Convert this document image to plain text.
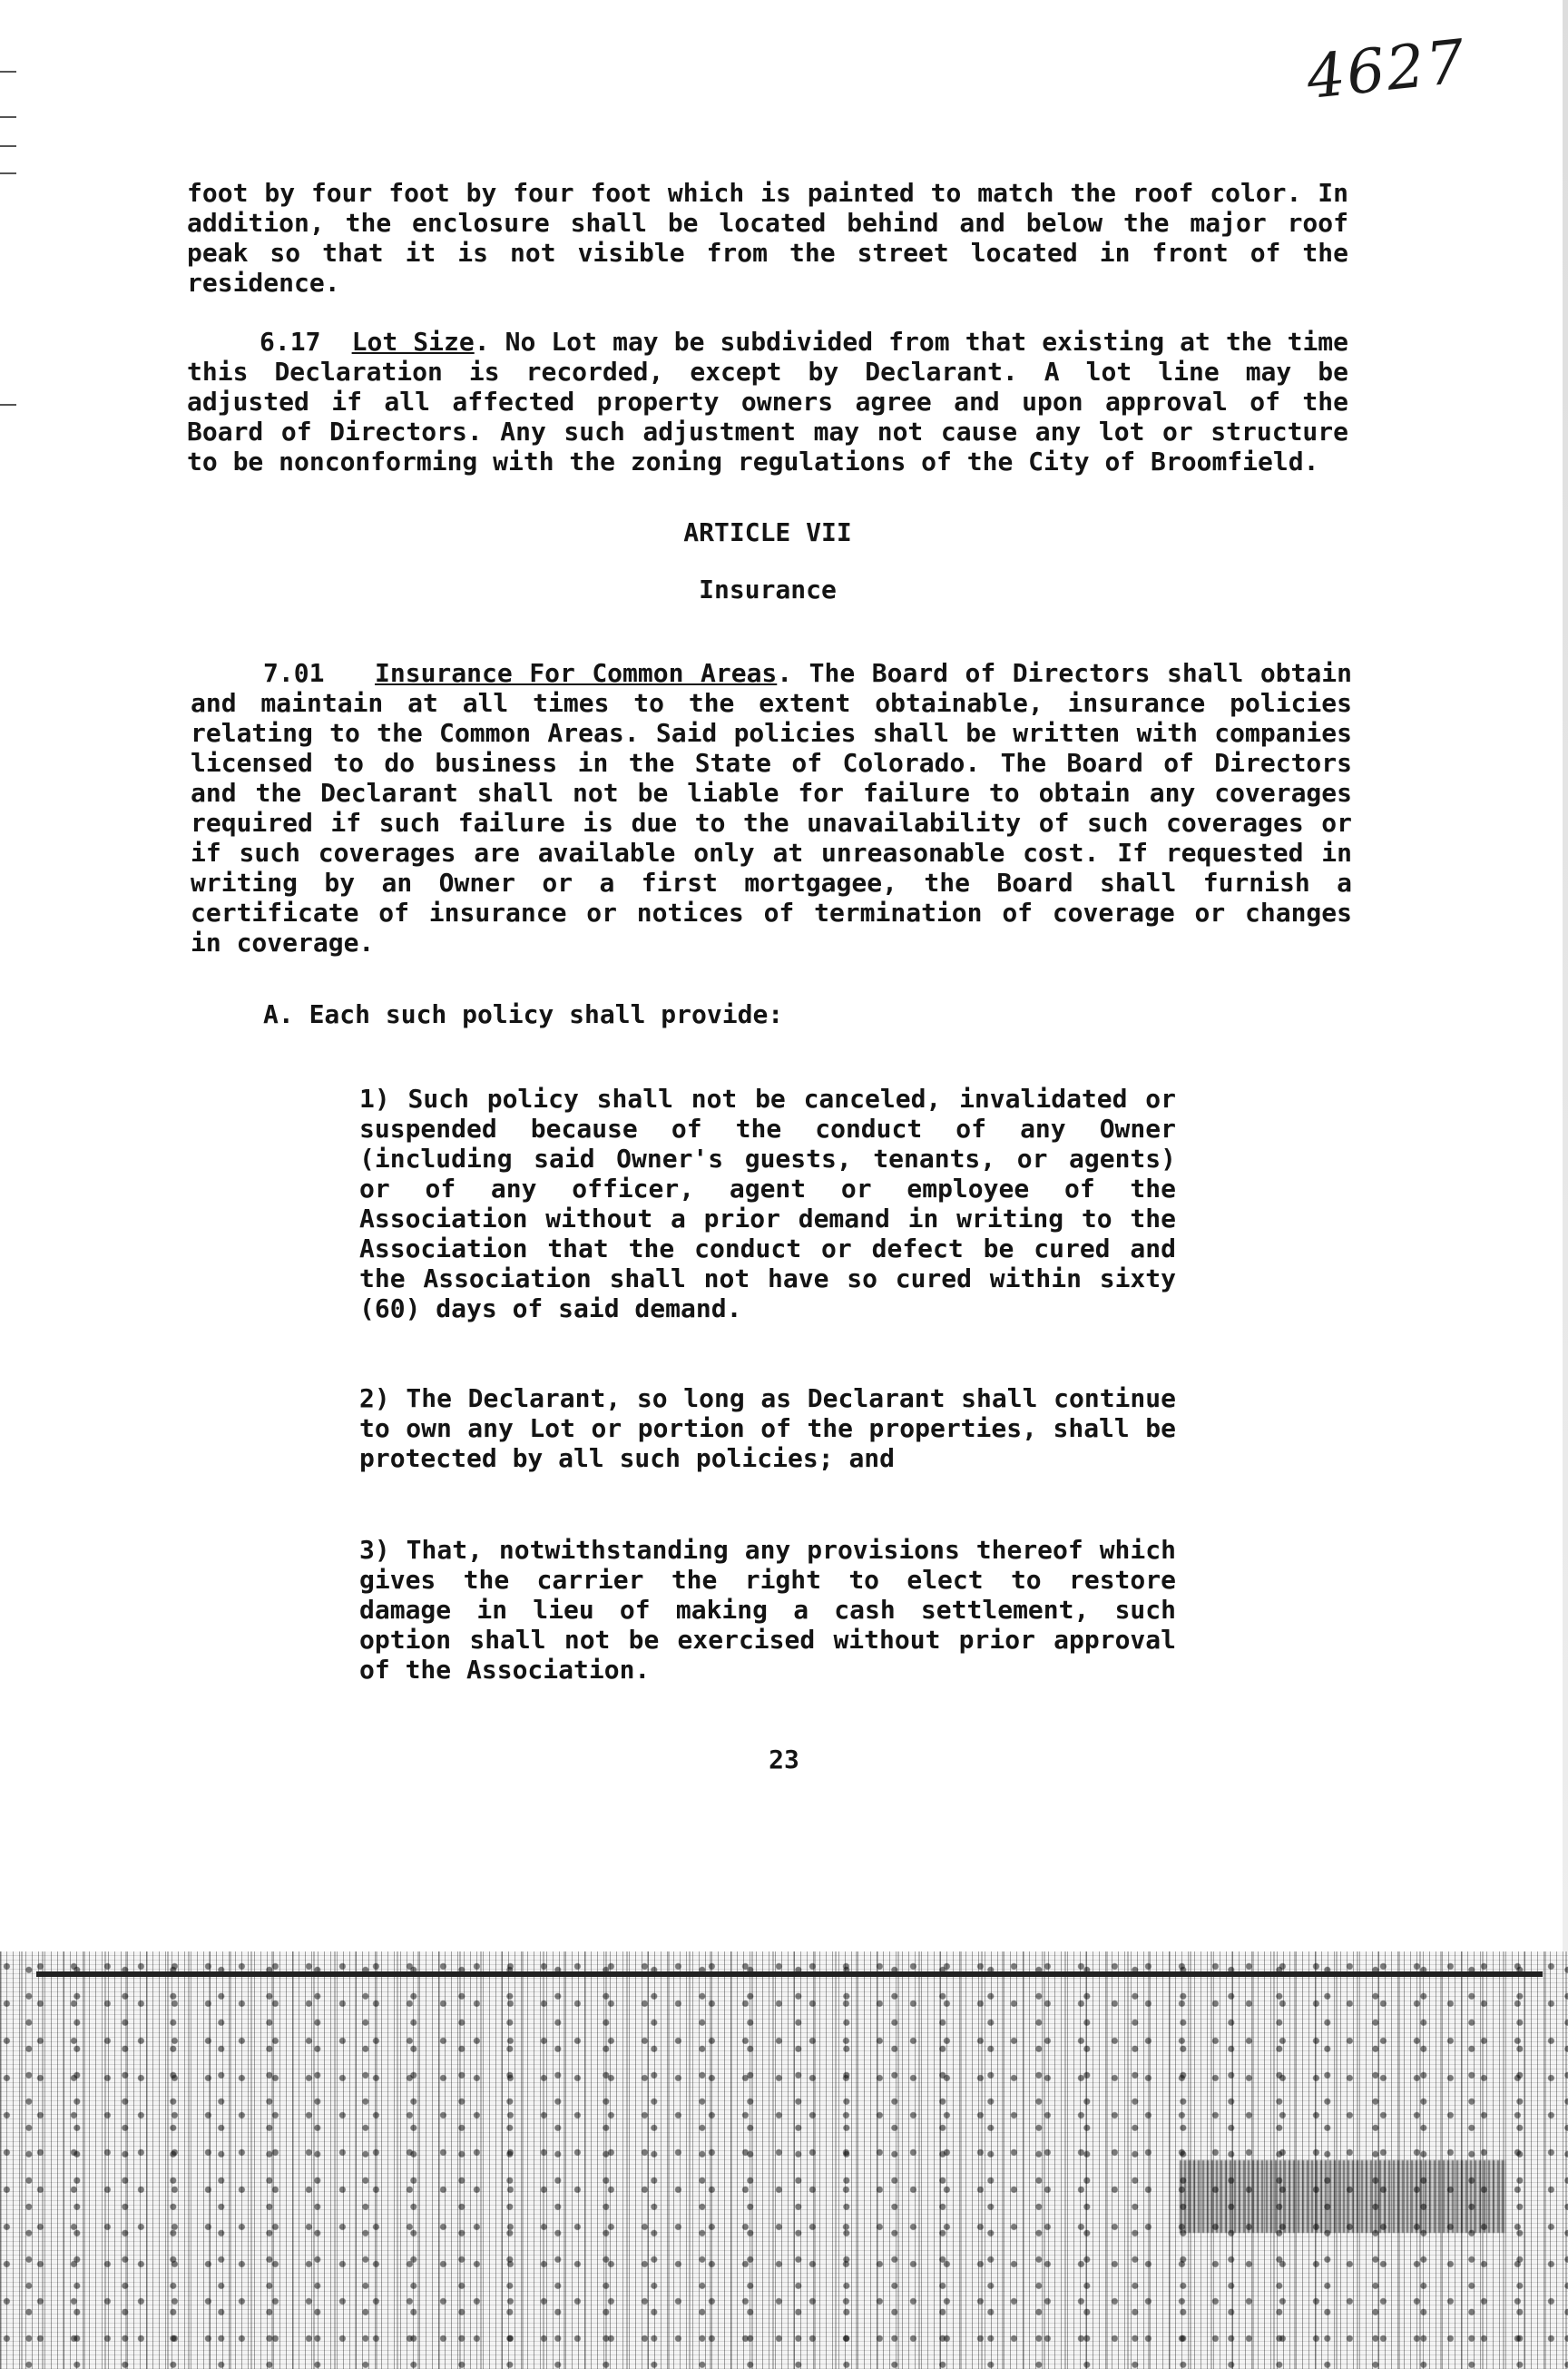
4627

foot by four foot by four foot which is painted to match the roof color. In addition, the enclosure shall be located behind and below the major roof peak so that it is not visible from the street located in front of the residence.

6.17 Lot Size. No Lot may be subdivided from that existing at the time this Declaration is recorded, except by Declarant. A lot line may be adjusted if all affected property owners agree and upon approval of the Board of Directors. Any such adjustment may not cause any lot or structure to be nonconforming with the zoning regulations of the City of Broomfield.

ARTICLE VII
Insurance

7.01 Insurance For Common Areas. The Board of Directors shall obtain and maintain at all times to the extent obtainable, insurance policies relating to the Common Areas. Said policies shall be written with companies licensed to do business in the State of Colorado. The Board of Directors and the Declarant shall not be liable for failure to obtain any coverages required if such failure is due to the unavailability of such coverages or if such coverages are available only at unreasonable cost. If requested in writing by an Owner or a first mortgagee, the Board shall furnish a certificate of insurance or notices of termination of coverage or changes in coverage.

A. Each such policy shall provide:

1) Such policy shall not be canceled, invalidated or suspended because of the conduct of any Owner (including said Owner's guests, tenants, or agents) or of any officer, agent or employee of the Association without a prior demand in writing to the Association that the conduct or defect be cured and the Association shall not have so cured within sixty (60) days of said demand.

2) The Declarant, so long as Declarant shall continue to own any Lot or portion of the properties, shall be protected by all such policies; and

3) That, notwithstanding any provisions thereof which gives the carrier the right to elect to restore damage in lieu of making a cash settlement, such option shall not be exercised without prior approval of the Association.

23
